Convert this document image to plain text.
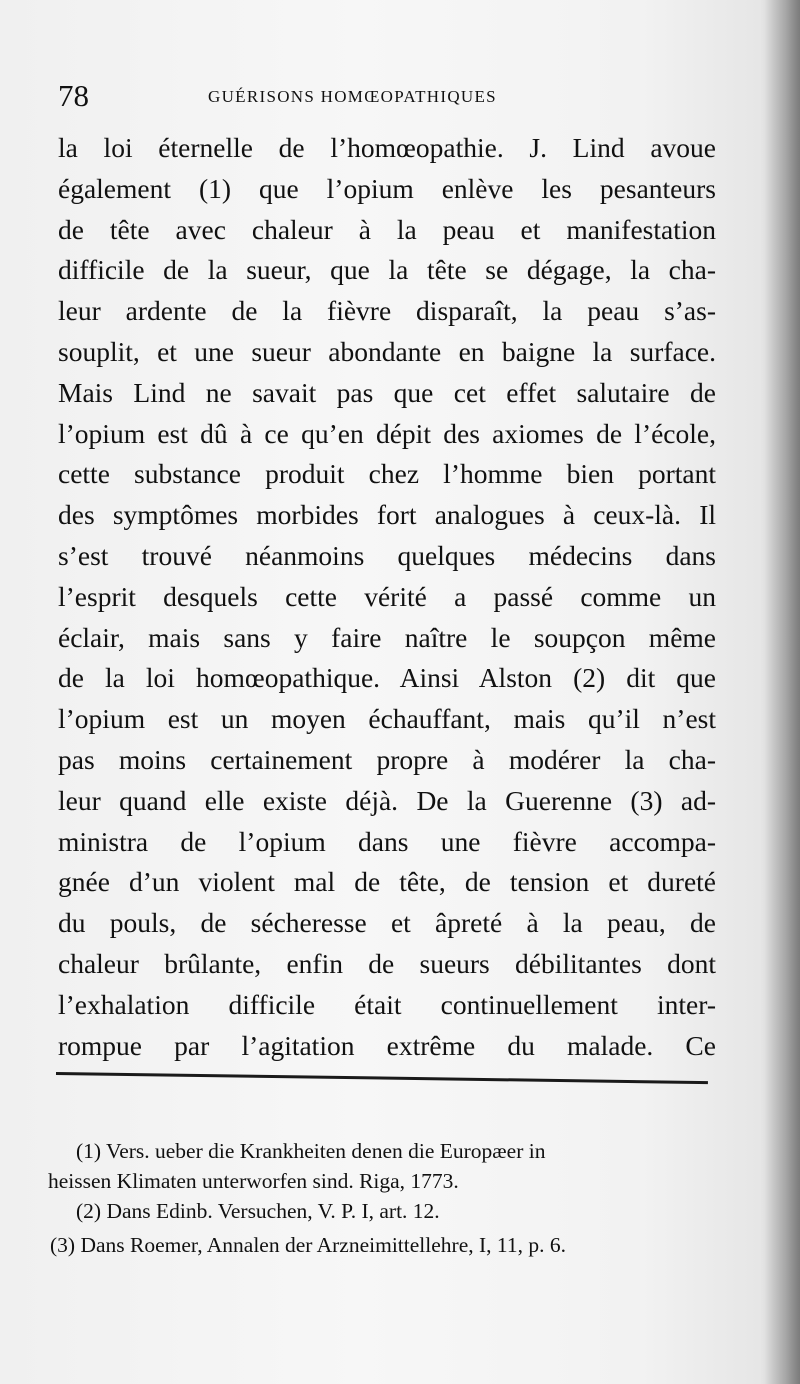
78	GUÉRISONS HOMŒOPATHIQUES
la loi éternelle de l’homœopathie. J. Lind avoue
également (1) que l’opium enlève les pesanteurs
de tête avec chaleur à la peau et manifestation
difficile de la sueur, que la tête se dégage, la cha-
leur ardente de la fièvre disparaît, la peau s’as-
souplit, et une sueur abondante en baigne la surface.
Mais Lind ne savait pas que cet effet salutaire de
l’opium est dû à ce qu’en dépit des axiomes de l’école,
cette substance produit chez l’homme bien portant
des symptômes morbides fort analogues à ceux-là. Il
s’est trouvé néanmoins quelques médecins dans
l’esprit desquels cette vérité a passé comme un
éclair, mais sans y faire naître le soupçon même
de la loi homœopathique. Ainsi Alston (2) dit que
l’opium est un moyen échauffant, mais qu’il n’est
pas moins certainement propre à modérer la cha-
leur quand elle existe déjà. De la Guerenne (3) ad-
ministra de l’opium dans une fièvre accompa-
gnée d’un violent mal de tête, de tension et dureté
du pouls, de sécheresse et âpreté à la peau, de
chaleur brûlante, enfin de sueurs débilitantes dont
l’exhalation difficile était continuellement inter-
rompue par l’agitation extrême du malade. Ce
(1) Vers. ueber die Krankheiten denen die Europæer in
heissen Klimaten unterworfen sind. Riga, 1773.
(2) Dans Edinb. Versuchen, V. P. I, art. 12.
(3) Dans Roemer, Annalen der Arzneimittellehre, I, 11, p. 6.
